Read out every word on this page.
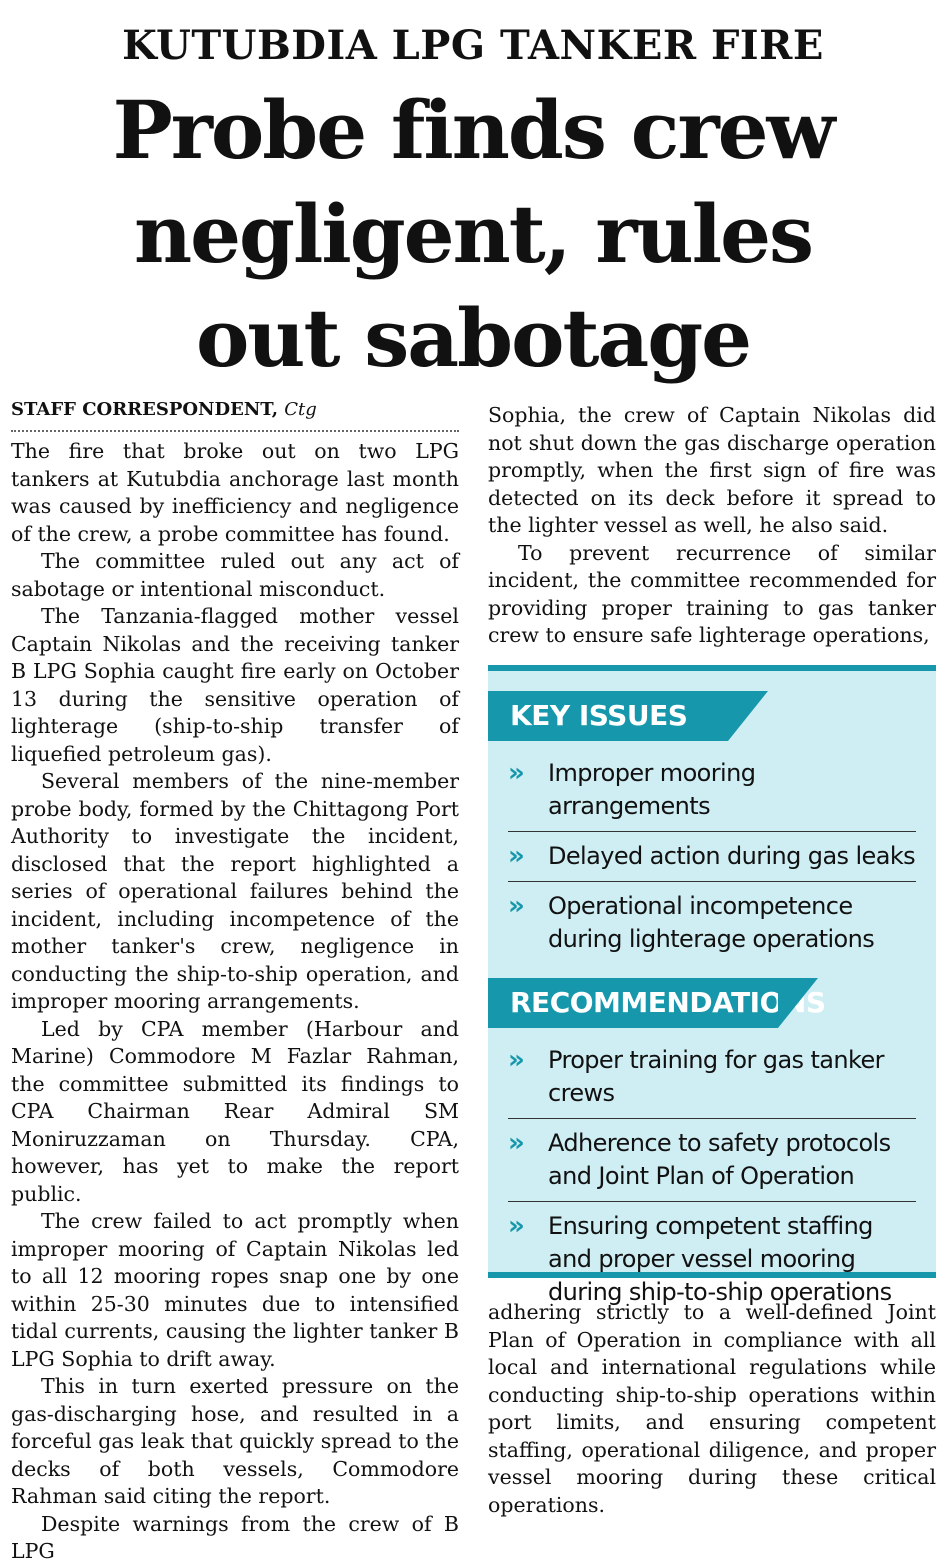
KUTUBDIA LPG TANKER FIRE
Probe finds crew
negligent, rules
out sabotage
STAFF CORRESPONDENT, Ctg

The fire that broke out on two LPG tankers at Kutubdia anchorage last month was caused by inefficiency and negligence of the crew, a probe committee has found.

The committee ruled out any act of sabotage or intentional misconduct.

The Tanzania-flagged mother vessel Captain Nikolas and the receiving tanker B LPG Sophia caught fire early on October 13 during the sensitive operation of lighterage (ship-to-ship transfer of liquefied petroleum gas).

Several members of the nine-member probe body, formed by the Chittagong Port Authority to investigate the incident, disclosed that the report highlighted a series of operational failures behind the incident, including incompetence of the mother tanker's crew, negligence in conducting the ship-to-ship operation, and improper mooring arrangements.

Led by CPA member (Harbour and Marine) Commodore M Fazlar Rahman, the committee submitted its findings to CPA Chairman Rear Admiral SM Moniruzzaman on Thursday. CPA, however, has yet to make the report public.

The crew failed to act promptly when improper mooring of Captain Nikolas led to all 12 mooring ropes snap one by one within 25-30 minutes due to intensified tidal currents, causing the lighter tanker B LPG Sophia to drift away.

This in turn exerted pressure on the gas-discharging hose, and resulted in a forceful gas leak that quickly spread to the decks of both vessels, Commodore Rahman said citing the report.

Despite warnings from the crew of B LPG

Sophia, the crew of Captain Nikolas did not shut down the gas discharge operation promptly, when the first sign of fire was detected on its deck before it spread to the lighter vessel as well, he also said.

To prevent recurrence of similar incident, the committee recommended for providing proper training to gas tanker crew to ensure safe lighterage operations,

KEY ISSUES
»	Improper mooring arrangements
»	Delayed action during gas leaks
»	Operational incompetence during lighterage operations
RECOMMENDATIONS
»	Proper training for gas tanker crews
»	Adherence to safety protocols and Joint Plan of Operation
»	Ensuring competent staffing and proper vessel mooring during ship-to-ship operations

adhering strictly to a well-defined Joint Plan of Operation in compliance with all local and international regulations while conducting ship-to-ship operations within port limits, and ensuring competent staffing, operational diligence, and proper vessel mooring during these critical operations.
